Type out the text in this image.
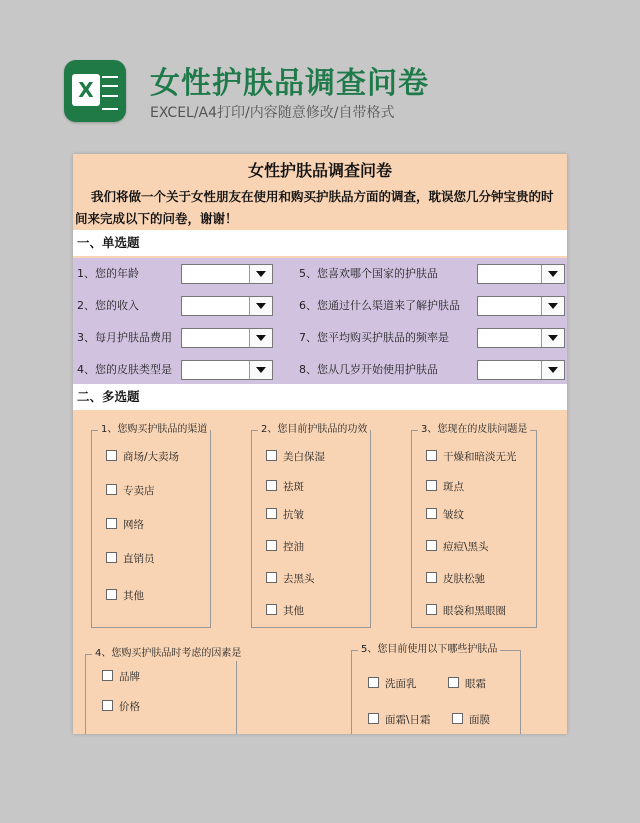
X 女性护肤品调查问卷
EXCEL/A4打印/内容随意修改/自带格式
女性护肤品调查问卷
我们将做一个关于女性朋友在使用和购买护肤品方面的调查，耽误您几分钟宝贵的时间来完成以下的问卷，谢谢！
一、单选题
1、您的年龄
2、您的收入
3、每月护肤品费用
4、您的皮肤类型是
5、您喜欢哪个国家的护肤品
6、您通过什么渠道来了解护肤品
7、您平均购买护肤品的频率是
8、您从几岁开始使用护肤品
二、多选题
1、您购买护肤品的渠道
商场/大卖场
专卖店
网络
直销员
其他
2、您目前护肤品的功效
美白保湿
祛斑
抗皱
控油
去黑头
其他
3、您现在的皮肤问题是
干燥和暗淡无光
斑点
皱纹
痘痘\黑头
皮肤松驰
眼袋和黑眼圈
4、您购买护肤品时考虑的因素是
品牌
价格
5、您目前使用以下哪些护肤品
洗面乳	眼霜
面霜\日霜	面膜
